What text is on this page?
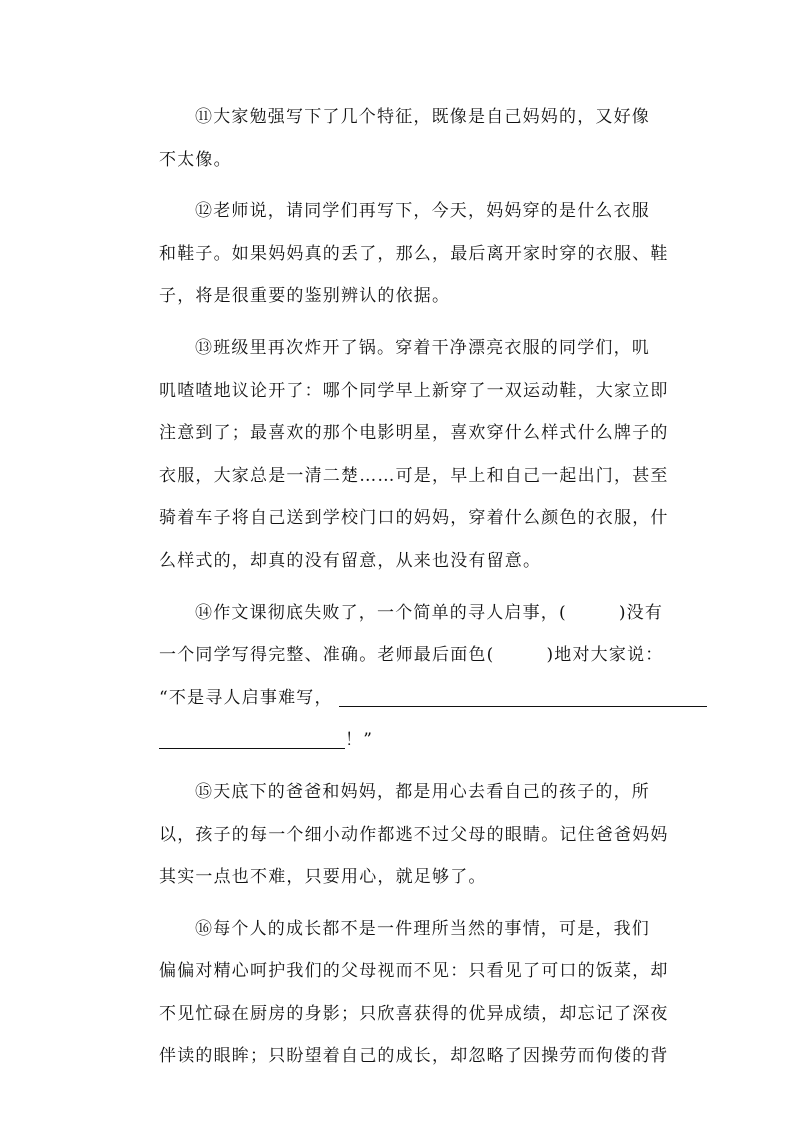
⑪大家勉强写下了几个特征，既像是自己妈妈的，又好像
不太像。
⑫老师说，请同学们再写下，今天，妈妈穿的是什么衣服
和鞋子。如果妈妈真的丢了，那么，最后离开家时穿的衣服、鞋
子，将是很重要的鉴别辨认的依据。
⑬班级里再次炸开了锅。穿着干净漂亮衣服的同学们，叽
叽喳喳地议论开了：哪个同学早上新穿了一双运动鞋，大家立即
注意到了；最喜欢的那个电影明星，喜欢穿什么样式什么牌子的
衣服，大家总是一清二楚……可是，早上和自己一起出门，甚至
骑着车子将自己送到学校门口的妈妈，穿着什么颜色的衣服，什
么样式的，却真的没有留意，从来也没有留意。
⑭作文课彻底失败了，一个简单的寻人启事，(	)没有
一个同学写得完整、准确。老师最后面色(	)地对大家说：
“不是寻人启事难写，
！”
⑮天底下的爸爸和妈妈，都是用心去看自己的孩子的，所
以，孩子的每一个细小动作都逃不过父母的眼睛。记住爸爸妈妈
其实一点也不难，只要用心，就足够了。
⑯每个人的成长都不是一件理所当然的事情，可是，我们
偏偏对精心呵护我们的父母视而不见：只看见了可口的饭菜，却
不见忙碌在厨房的身影；只欣喜获得的优异成绩，却忘记了深夜
伴读的眼眸；只盼望着自己的成长，却忽略了因操劳而佝偻的背
